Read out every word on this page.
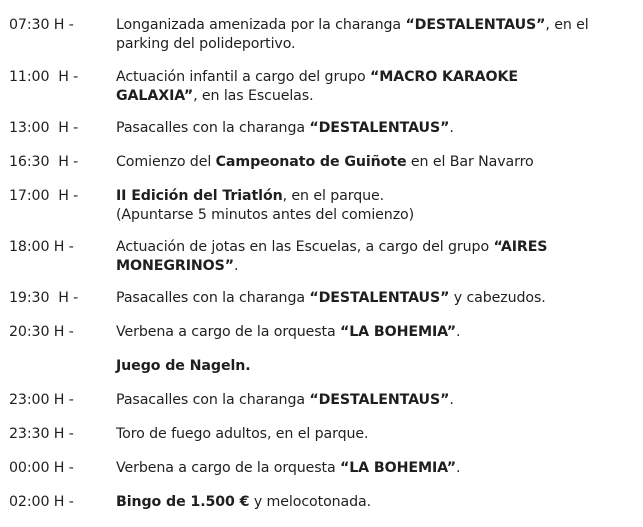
07:30 H -	Longanizada amenizada por la charanga “DESTALENTAUS”, en el
parking del polideportivo.
11:00  H -	Actuación infantil a cargo del grupo “MACRO KARAOKE
GALAXIA”, en las Escuelas.
13:00  H -	Pasacalles con la charanga “DESTALENTAUS”.
16:30  H -	Comienzo del Campeonato de Guiñote en el Bar Navarro
17:00  H -	II Edición del Triatlón, en el parque.
(Apuntarse 5 minutos antes del comienzo)
18:00 H -	Actuación de jotas en las Escuelas, a cargo del grupo “AIRES
MONEGRINOS”.
19:30  H -	Pasacalles con la charanga “DESTALENTAUS” y cabezudos.
20:30 H -	Verbena a cargo de la orquesta “LA BOHEMIA”.
Juego de Nageln.
23:00 H -	Pasacalles con la charanga “DESTALENTAUS”.
23:30 H -	Toro de fuego adultos, en el parque.
00:00 H -	Verbena a cargo de la orquesta “LA BOHEMIA”.
02:00 H -	Bingo de 1.500 € y melocotonada.
